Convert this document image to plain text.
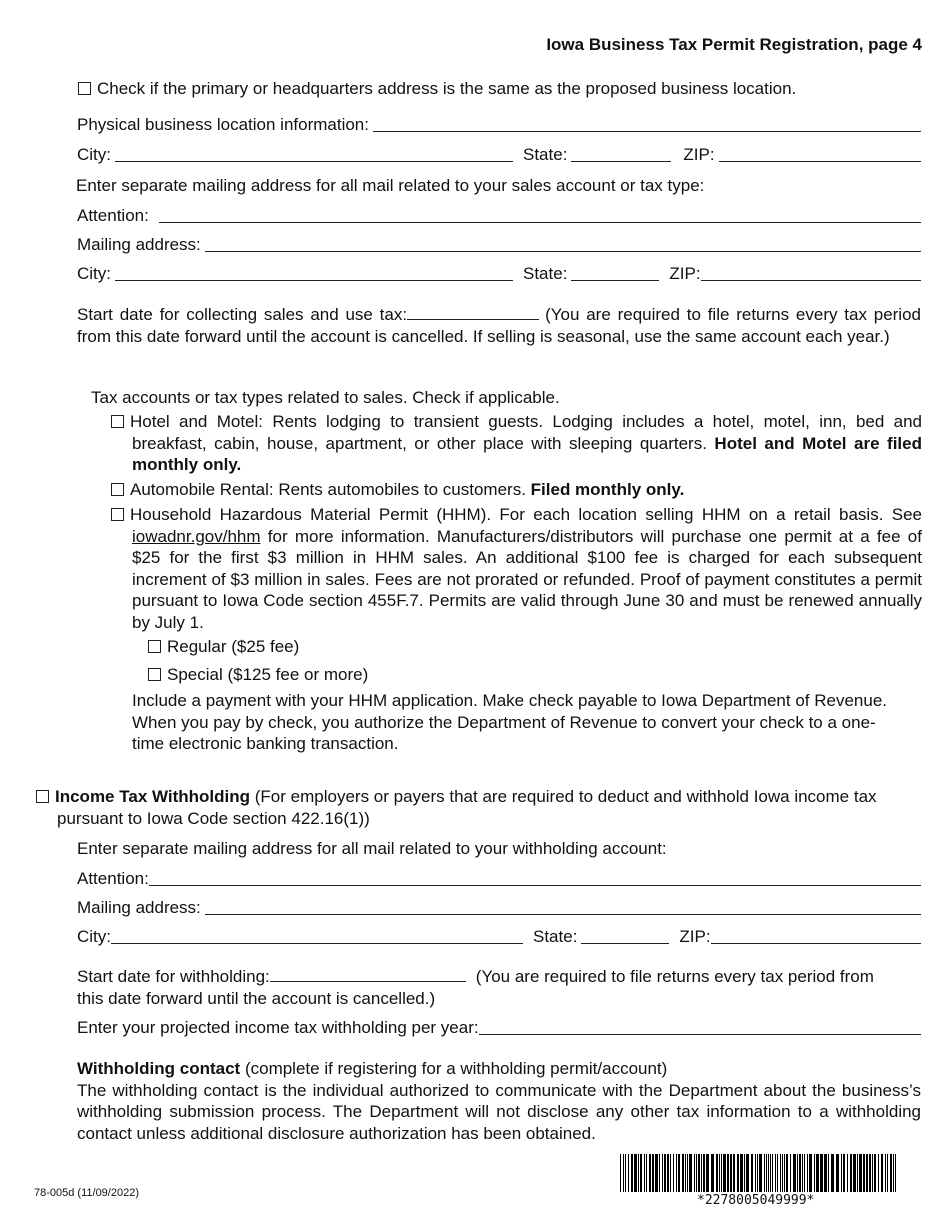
Iowa Business Tax Permit Registration, page 4
Check if the primary or headquarters address is the same as the proposed business location.
Physical business location information:
City:	State:	ZIP:
Enter separate mailing address for all mail related to your sales account or tax type:
Attention:
Mailing address:
City:	State:	ZIP:
Start date for collecting sales and use tax:	(You are required to file returns every tax period from this date forward until the account is cancelled. If selling is seasonal, use the same account each year.)
Tax accounts or tax types related to sales. Check if applicable.
Hotel and Motel: Rents lodging to transient guests. Lodging includes a hotel, motel, inn, bed and breakfast, cabin, house, apartment, or other place with sleeping quarters. Hotel and Motel are filed monthly only.
Automobile Rental: Rents automobiles to customers. Filed monthly only.
Household Hazardous Material Permit (HHM). For each location selling HHM on a retail basis. See iowadnr.gov/hhm for more information. Manufacturers/distributors will purchase one permit at a fee of $25 for the first $3 million in HHM sales. An additional $100 fee is charged for each subsequent increment of $3 million in sales. Fees are not prorated or refunded. Proof of payment constitutes a permit pursuant to Iowa Code section 455F.7. Permits are valid through June 30 and must be renewed annually by July 1.
Regular ($25 fee)
Special ($125 fee or more)
Include a payment with your HHM application. Make check payable to Iowa Department of Revenue. When you pay by check, you authorize the Department of Revenue to convert your check to a one-time electronic banking transaction.
Income Tax Withholding (For employers or payers that are required to deduct and withhold Iowa income tax pursuant to Iowa Code section 422.16(1))
Enter separate mailing address for all mail related to your withholding account:
Attention:
Mailing address:
City:	State:	ZIP:
Start date for withholding:	(You are required to file returns every tax period from this date forward until the account is cancelled.)
Enter your projected income tax withholding per year:
Withholding contact (complete if registering for a withholding permit/account)
The withholding contact is the individual authorized to communicate with the Department about the business’s withholding submission process. The Department will not disclose any other tax information to a withholding contact unless additional disclosure authorization has been obtained.
78-005d (11/09/2022)	*2278005049999*
